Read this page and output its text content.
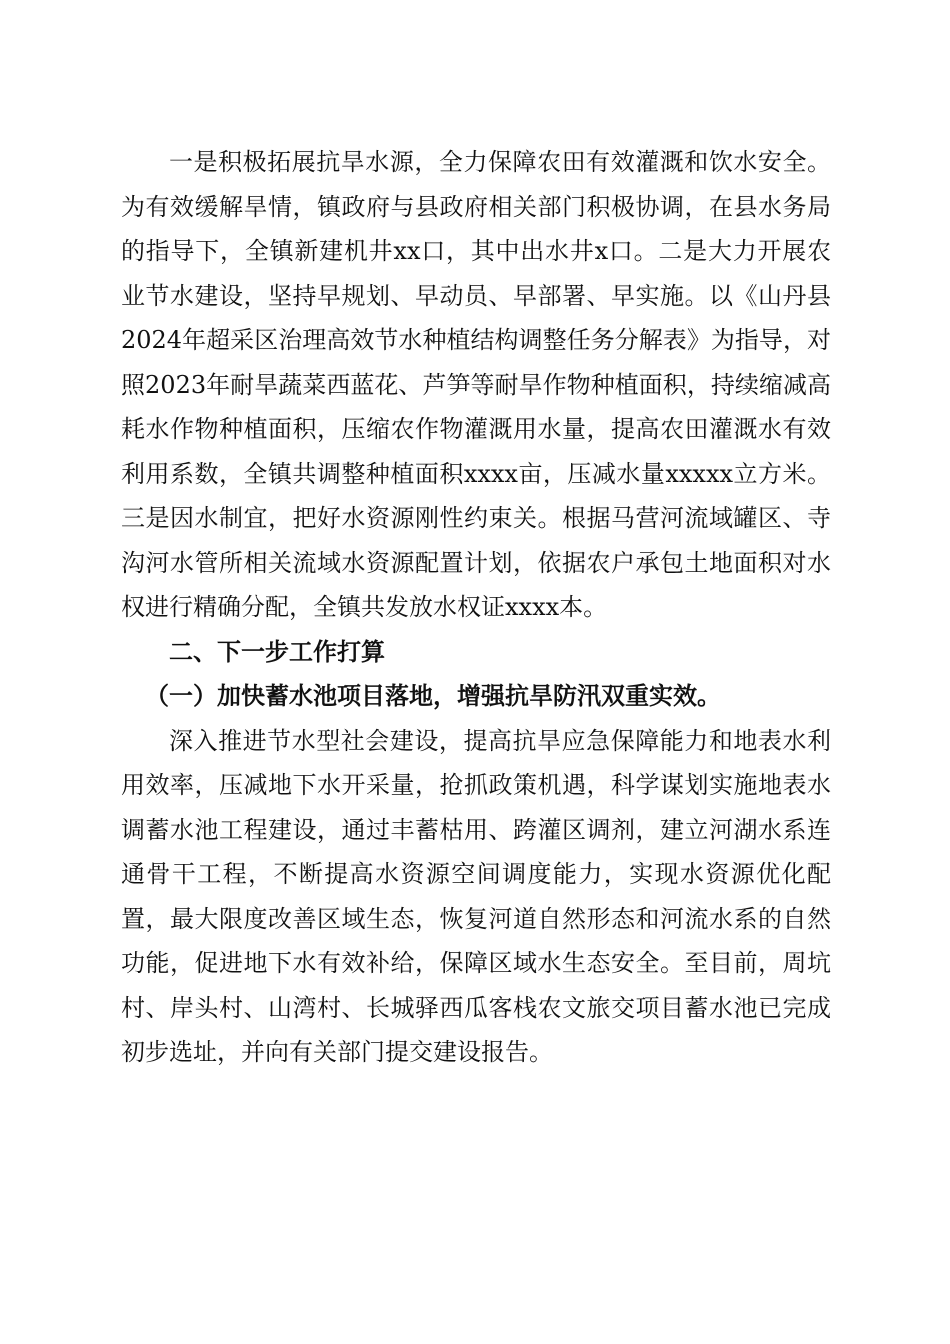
一是积极拓展抗旱水源，全力保障农田有效灌溉和饮水安全。为有效缓解旱情，镇政府与县政府相关部门积极协调，在县水务局的指导下，全镇新建机井xx口，其中出水井x口。二是大力开展农业节水建设，坚持早规划、早动员、早部署、早实施。以《山丹县2024年超采区治理高效节水种植结构调整任务分解表》为指导，对照2023年耐旱蔬菜西蓝花、芦笋等耐旱作物种植面积，持续缩减高耗水作物种植面积，压缩农作物灌溉用水量，提高农田灌溉水有效利用系数，全镇共调整种植面积xxxx亩，压减水量xxxxx立方米。三是因水制宜，把好水资源刚性约束关。根据马营河流域罐区、寺沟河水管所相关流域水资源配置计划，依据农户承包土地面积对水权进行精确分配，全镇共发放水权证xxxx本。

二、下一步工作打算

（一）加快蓄水池项目落地，增强抗旱防汛双重实效。

深入推进节水型社会建设，提高抗旱应急保障能力和地表水利用效率，压减地下水开采量，抢抓政策机遇，科学谋划实施地表水调蓄水池工程建设，通过丰蓄枯用、跨灌区调剂，建立河湖水系连通骨干工程，不断提高水资源空间调度能力，实现水资源优化配置，最大限度改善区域生态，恢复河道自然形态和河流水系的自然功能，促进地下水有效补给，保障区域水生态安全。至目前，周坑村、岸头村、山湾村、长城驿西瓜客栈农文旅交项目蓄水池已完成初步选址，并向有关部门提交建设报告。
